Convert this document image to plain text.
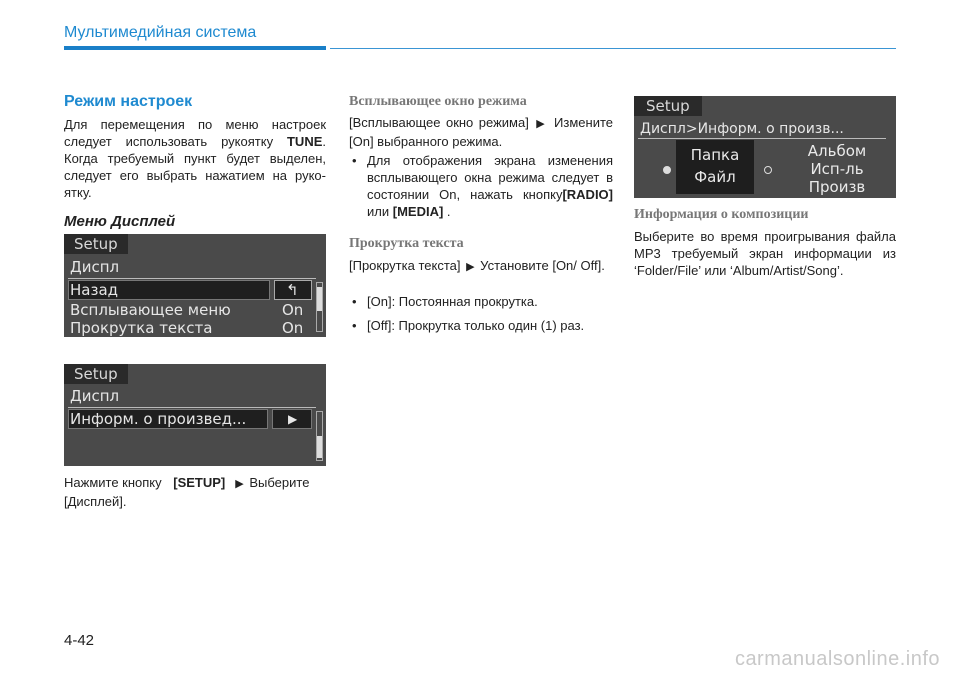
Мультимедийная система
Режим настроек
Для перемещения по меню настроек следует использовать рукоятку TUNE. Когда требуемый пункт будет выделен, следует его выбрать нажатием на руко-ятку.
Меню Дисплей
Setup
Диспл
Назад	↰
Всплывающее меню	On
Прокрутка текста	On
Setup
Диспл
Информ. о произвед...	▶
Нажмите кнопку [SETUP] ▶ Выберите [Дисплей].
Всплывающее окно режима
[Всплывающее окно режима] ▶ Измените [On] выбранного режима.
• Для отображения экрана изменения всплывающего окна режима следует в состоянии On, нажать кнопку[RADIO] или [MEDIA] .
Прокрутка текста
[Прокрутка текста] ▶ Установите [On/ Off].
• [On]: Постоянная прокрутка.
• [Off]: Прокрутка только один (1) раз.
Setup
Диспл>Информ. о произв...
Папка
Файл
Альбом
Исп-ль
Произв
Информация о композиции
Выберите во время проигрывания файла MP3 требуемый экран информации из ‘Folder/File’ или ‘Album/Artist/Song’.
4-42
carmanualsonline.info
